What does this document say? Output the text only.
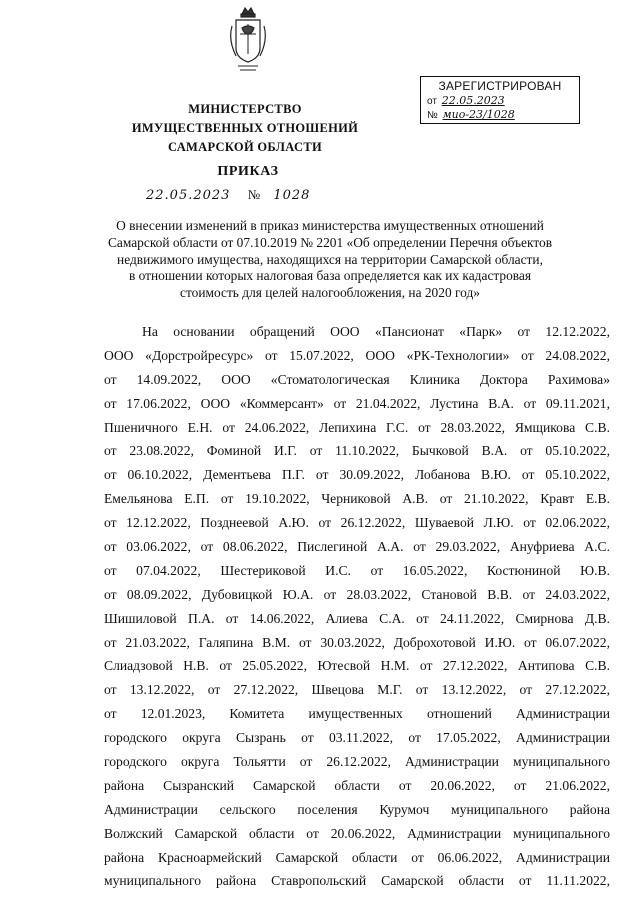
ЗАРЕГИСТРИРОВАН
от 22.05.2023
№ мио-23/1028
МИНИСТЕРСТВО
ИМУЩЕСТВЕННЫХ ОТНОШЕНИЙ
САМАРСКОЙ ОБЛАСТИ
ПРИКАЗ
22.05.2023 № 1028
О внесении изменений в приказ министерства имущественных отношений
Самарской области от 07.10.2019 № 2201 «Об определении Перечня объектов
недвижимого имущества, находящихся на территории Самарской области,
в отношении которых налоговая база определяется как их кадастровая
стоимость для целей налогообложения, на 2020 год»
На основании обращений ООО «Пансионат «Парк» от 12.12.2022,
ООО «Дорстройресурс» от 15.07.2022, ООО «РК-Технологии» от 24.08.2022,
от 14.09.2022, ООО «Стоматологическая Клиника Доктора Рахимова»
от 17.06.2022, ООО «Коммерсант» от 21.04.2022, Лустина В.А. от 09.11.2021,
Пшеничного Е.Н. от 24.06.2022, Лепихина Г.С. от 28.03.2022, Ямщикова С.В.
от 23.08.2022, Фоминой И.Г. от 11.10.2022, Бычковой В.А. от 05.10.2022,
от 06.10.2022, Дементьева П.Г. от 30.09.2022, Лобанова В.Ю. от 05.10.2022,
Емельянова Е.П. от 19.10.2022, Черниковой А.В. от 21.10.2022, Кравт Е.В.
от 12.12.2022, Позднеевой А.Ю. от 26.12.2022, Шуваевой Л.Ю. от 02.06.2022,
от 03.06.2022, от 08.06.2022, Пислегиной А.А. от 29.03.2022, Ануфриева А.С.
от 07.04.2022, Шестериковой И.С. от 16.05.2022, Костюниной Ю.В.
от 08.09.2022, Дубовицкой Ю.А. от 28.03.2022, Становой В.В. от 24.03.2022,
Шишиловой П.А. от 14.06.2022, Алиева С.А. от 24.11.2022, Смирнова Д.В.
от 21.03.2022, Галяпина В.М. от 30.03.2022, Доброхотовой И.Ю. от 06.07.2022,
Слиадзовой Н.В. от 25.05.2022, Ютесвой Н.М. от 27.12.2022, Антипова С.В.
от 13.12.2022, от 27.12.2022, Швецова М.Г. от 13.12.2022, от 27.12.2022,
от 12.01.2023, Комитета имущественных отношений Администрации
городского округа Сызрань от 03.11.2022, от 17.05.2022, Администрации
городского округа Тольятти от 26.12.2022, Администрации муниципального
района Сызранский Самарской области от 20.06.2022, от 21.06.2022,
Администрации сельского поселения Курумоч муниципального района
Волжский Самарской области от 20.06.2022, Администрации муниципального
района Красноармейский Самарской области от 06.06.2022, Администрации
муниципального района Ставропольский Самарской области от 11.11.2022,
